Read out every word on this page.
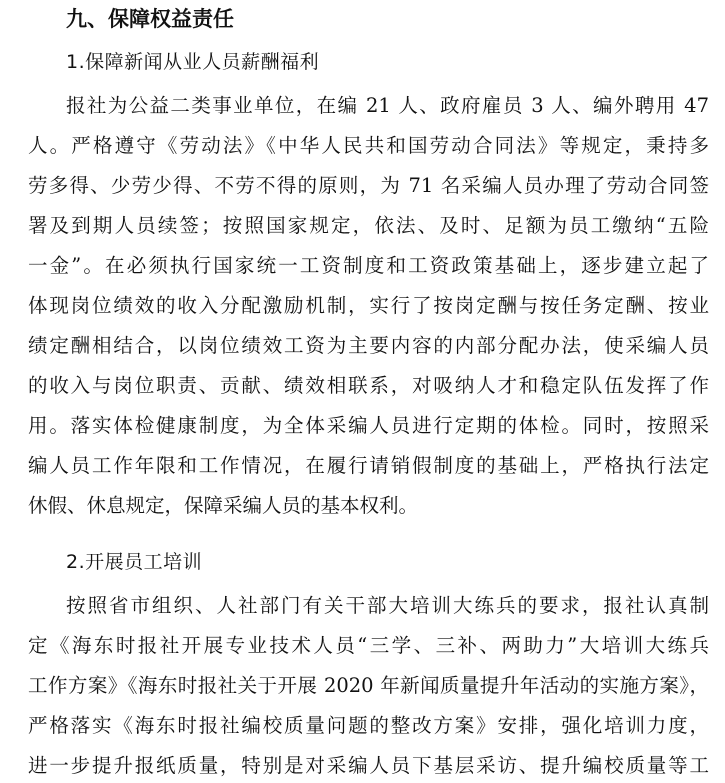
九、保障权益责任
1.保障新闻从业人员薪酬福利
报社为公益二类事业单位，在编 21 人、政府雇员 3 人、编外聘用 47
人。严格遵守《劳动法》《中华人民共和国劳动合同法》等规定，秉持多
劳多得、少劳少得、不劳不得的原则，为 71 名采编人员办理了劳动合同签
署及到期人员续签；按照国家规定，依法、及时、足额为员工缴纳“五险
一金”。在必须执行国家统一工资制度和工资政策基础上，逐步建立起了
体现岗位绩效的收入分配激励机制，实行了按岗定酬与按任务定酬、按业
绩定酬相结合，以岗位绩效工资为主要内容的内部分配办法，使采编人员
的收入与岗位职责、贡献、绩效相联系，对吸纳人才和稳定队伍发挥了作
用。落实体检健康制度，为全体采编人员进行定期的体检。同时，按照采
编人员工作年限和工作情况，在履行请销假制度的基础上，严格执行法定
休假、休息规定，保障采编人员的基本权利。
2.开展员工培训
按照省市组织、人社部门有关干部大培训大练兵的要求，报社认真制
定《海东时报社开展专业技术人员“三学、三补、两助力”大培训大练兵
工作方案》《海东时报社关于开展 2020 年新闻质量提升年活动的实施方案》，
严格落实《海东时报社编校质量问题的整改方案》安排，强化培训力度，
进一步提升报纸质量，特别是对采编人员下基层采访、提升编校质量等工
